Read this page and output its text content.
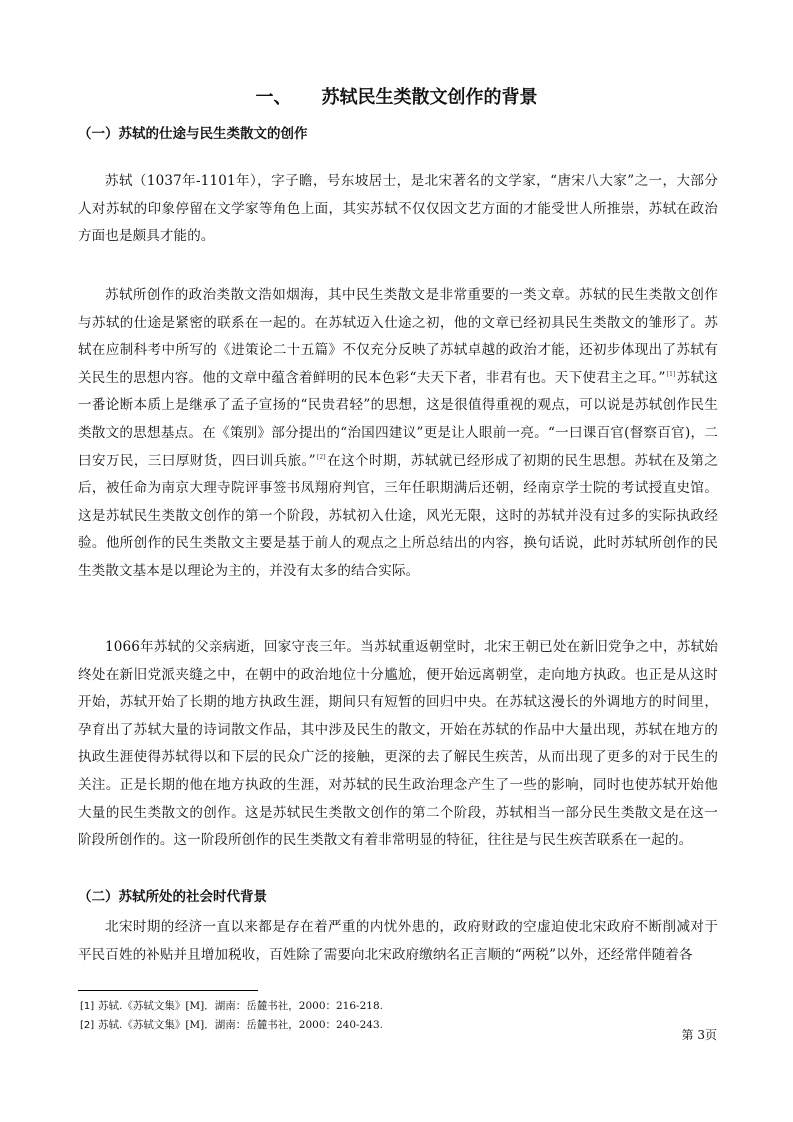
一、 苏轼民生类散文创作的背景
（一）苏轼的仕途与民生类散文的创作

苏轼（1037年-1101年），字子瞻，号东坡居士，是北宋著名的文学家，“唐宋八大家”之一，大部分人对苏轼的印象停留在文学家等角色上面，其实苏轼不仅仅因文艺方面的才能受世人所推崇，苏轼在政治方面也是颇具才能的。

苏轼所创作的政治类散文浩如烟海，其中民生类散文是非常重要的一类文章。苏轼的民生类散文创作与苏轼的仕途是紧密的联系在一起的。在苏轼迈入仕途之初，他的文章已经初具民生类散文的雏形了。苏轼在应制科考中所写的《进策论二十五篇》不仅充分反映了苏轼卓越的政治才能，还初步体现出了苏轼有关民生的思想内容。他的文章中蕴含着鲜明的民本色彩“夫天下者，非君有也。天下使君主之耳。”[1]苏轼这一番论断本质上是继承了孟子宣扬的“民贵君轻”的思想，这是很值得重视的观点，可以说是苏轼创作民生类散文的思想基点。在《策别》部分提出的“治国四建议”更是让人眼前一亮。“一曰课百官(督察百官)，二曰安万民，三曰厚财货，四曰训兵旅。”[2]在这个时期，苏轼就已经形成了初期的民生思想。苏轼在及第之后，被任命为南京大理寺院评事签书凤翔府判官，三年任职期满后还朝，经南京学士院的考试授直史馆。这是苏轼民生类散文创作的第一个阶段，苏轼初入仕途，风光无限，这时的苏轼并没有过多的实际执政经验。他所创作的民生类散文主要是基于前人的观点之上所总结出的内容，换句话说，此时苏轼所创作的民生类散文基本是以理论为主的，并没有太多的结合实际。

1066年苏轼的父亲病逝，回家守丧三年。当苏轼重返朝堂时，北宋王朝已处在新旧党争之中，苏轼始终处在新旧党派夹缝之中，在朝中的政治地位十分尴尬，便开始远离朝堂，走向地方执政。也正是从这时开始，苏轼开始了长期的地方执政生涯，期间只有短暂的回归中央。在苏轼这漫长的外调地方的时间里，孕育出了苏轼大量的诗词散文作品，其中涉及民生的散文，开始在苏轼的作品中大量出现，苏轼在地方的执政生涯使得苏轼得以和下层的民众广泛的接触，更深的去了解民生疾苦，从而出现了更多的对于民生的关注。正是长期的他在地方执政的生涯，对苏轼的民生政治理念产生了一些的影响，同时也使苏轼开始他大量的民生类散文的创作。这是苏轼民生类散文创作的第二个阶段，苏轼相当一部分民生类散文是在这一阶段所创作的。这一阶段所创作的民生类散文有着非常明显的特征，往往是与民生疾苦联系在一起的。

（二）苏轼所处的社会时代背景

北宋时期的经济一直以来都是存在着严重的内忧外患的，政府财政的空虚迫使北宋政府不断削减对于平民百姓的补贴并且增加税收，百姓除了需要向北宋政府缴纳名正言顺的“两税”以外，还经常伴随着各

[1] 苏轼.《苏轼文集》[M]．湖南：岳麓书社，2000：216-218.
[2] 苏轼.《苏轼文集》[M]．湖南：岳麓书社，2000：240-243.

第 3页
